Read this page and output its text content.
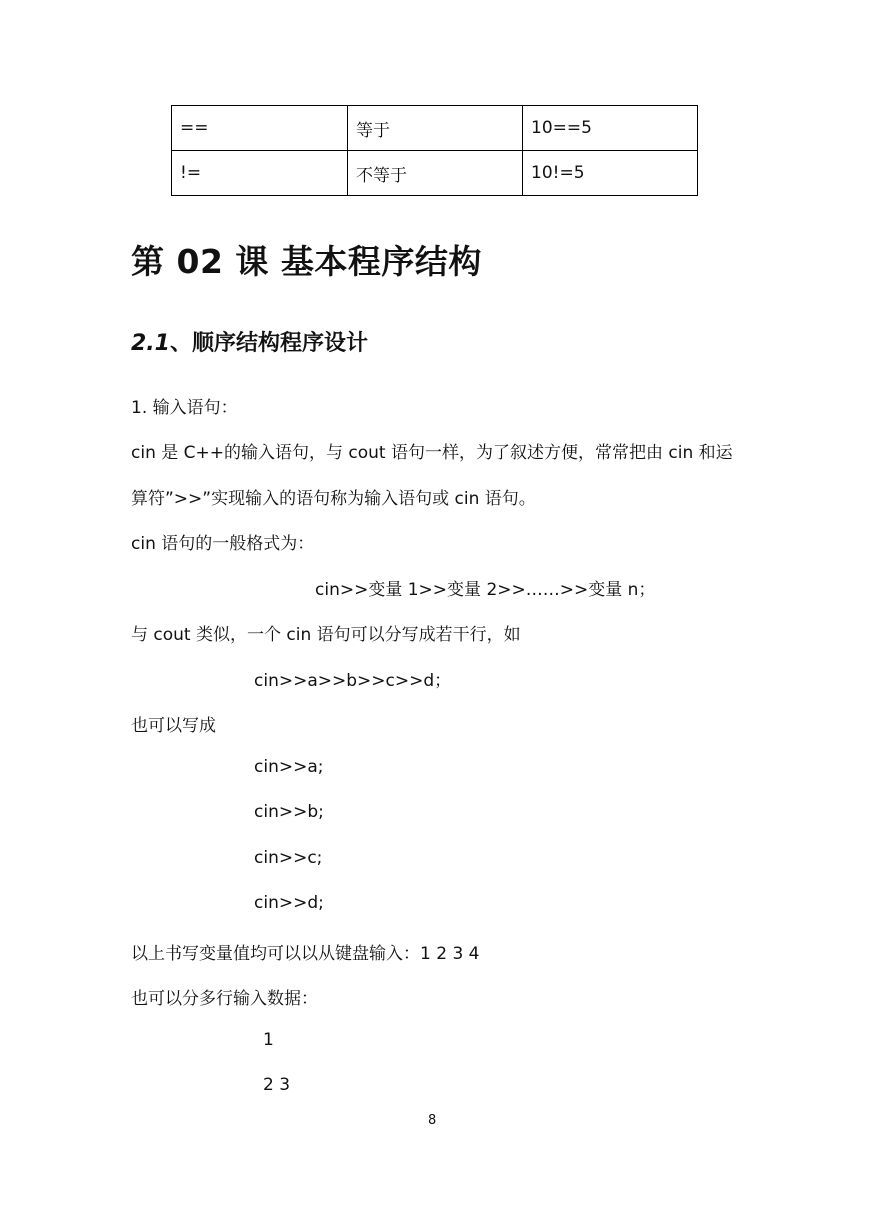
==	等于	10==5
!=	不等于	10!=5
第 02 课 基本程序结构
2.1、顺序结构程序设计
1. 输入语句：
cin 是 C++的输入语句，与 cout 语句一样，为了叙述方便，常常把由 cin 和运
算符”>>”实现输入的语句称为输入语句或 cin 语句。
cin 语句的一般格式为：
cin>>变量 1>>变量 2>>……>>变量 n；
与 cout 类似，一个 cin 语句可以分写成若干行，如
cin>>a>>b>>c>>d；
也可以写成
cin>>a;
cin>>b;
cin>>c;
cin>>d;
以上书写变量值均可以以从键盘输入：1 2 3 4
也可以分多行输入数据：
1
2 3
8
